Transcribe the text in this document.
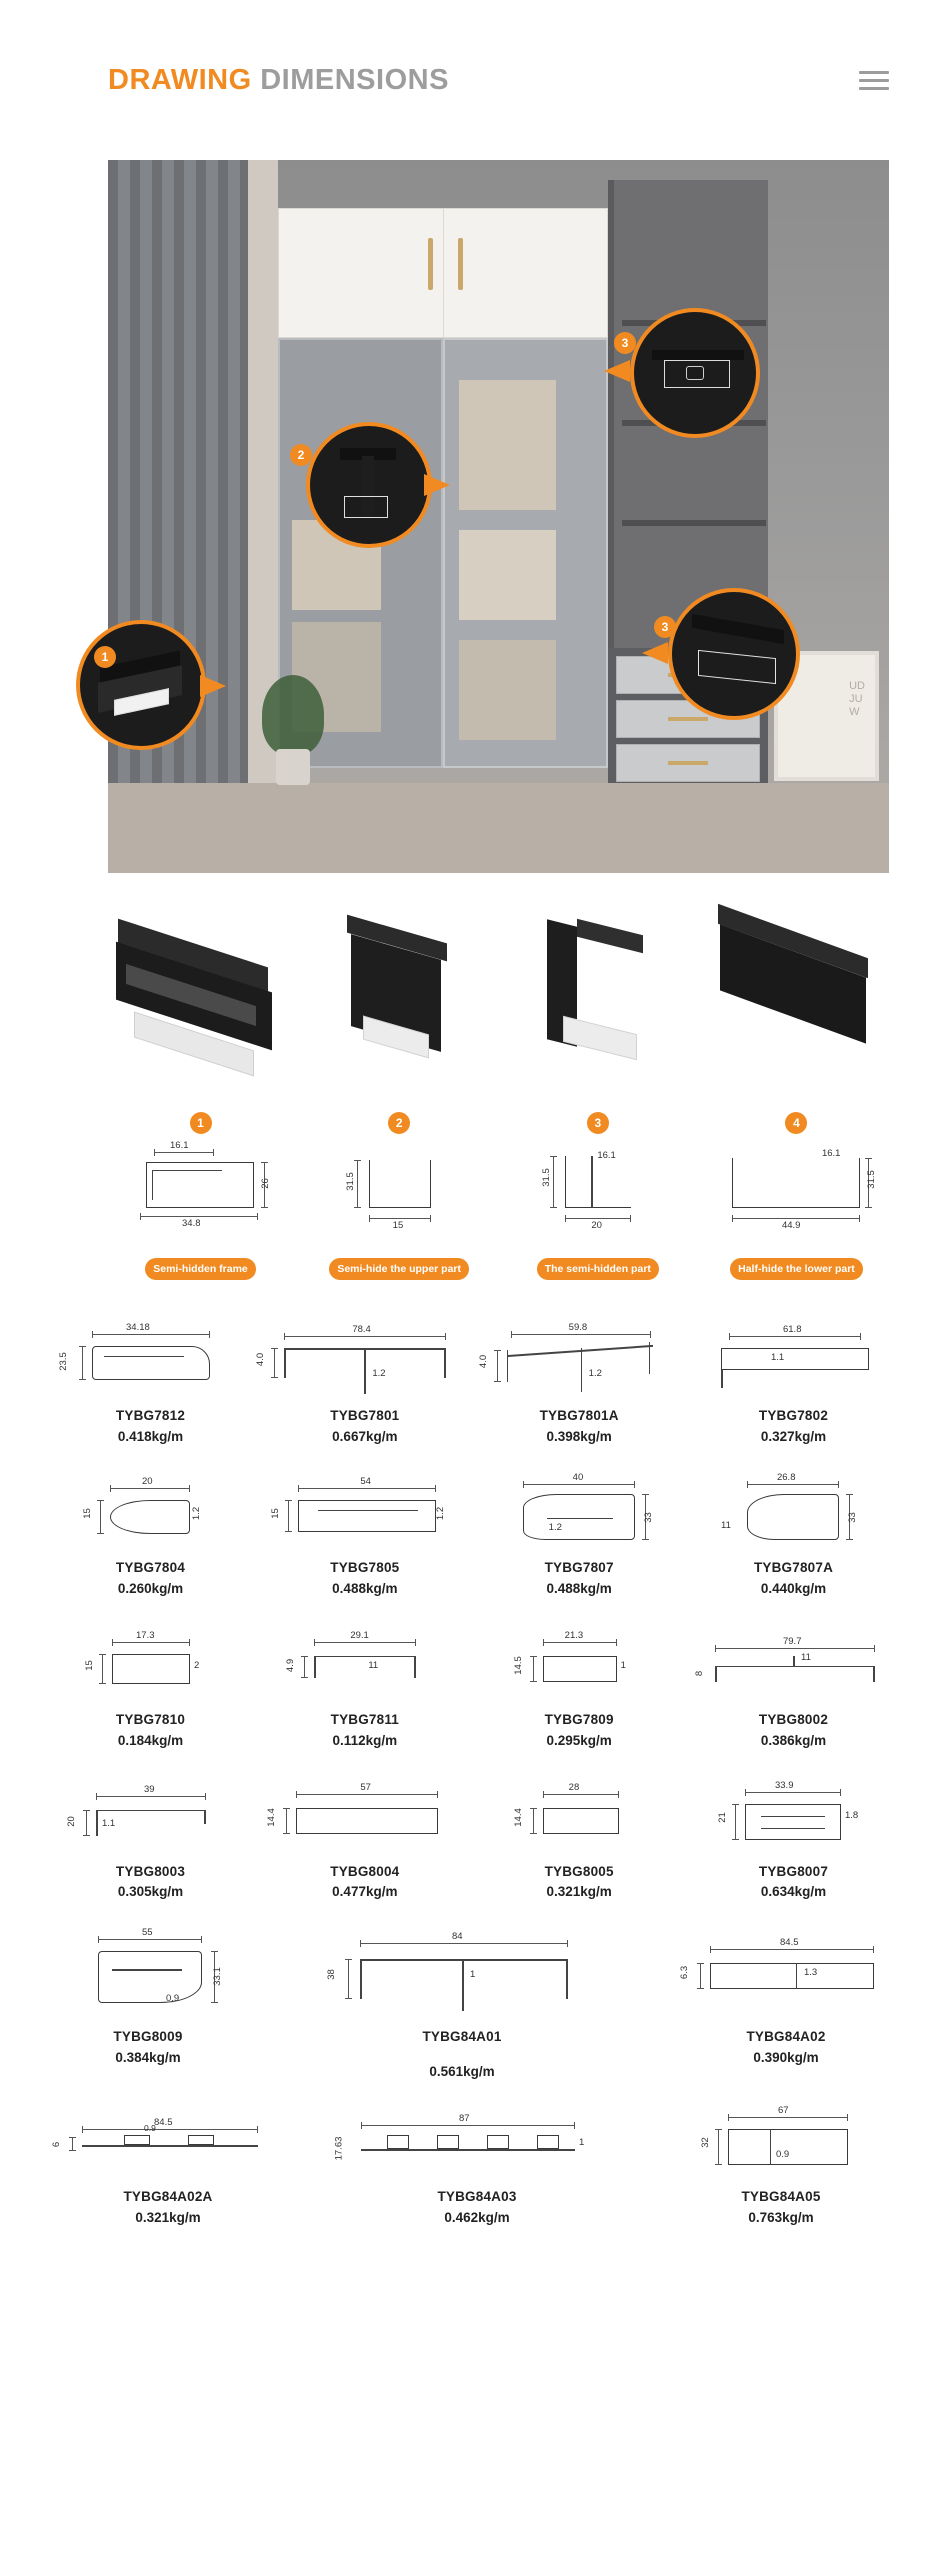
DRAWING DIMENSIONS
UD
JU
W
1
2
3
3
1
16.1
26
34.8
Semi-hidden frame
2
31.5
15
Semi-hide the upper part
3
31.5
16.1
20
The semi-hidden part
4
16.1
31.5
44.9
Half-hide the lower part
34.18
23.5
TYBG7812
0.418kg/m
78.4
4.0
1.2
TYBG7801
0.667kg/m
59.8
4.0
1.2
TYBG7801A
0.398kg/m
61.8
1.1
TYBG7802
0.327kg/m
20
15	1.2
TYBG7804
0.260kg/m
54
15	1.2
TYBG7805
0.488kg/m
40
33
1.2
TYBG7807
0.488kg/m
26.8
33
11
TYBG7807A
0.440kg/m
17.3
15	2
TYBG7810
0.184kg/m
29.1
4.9	11
TYBG7811
0.112kg/m
21.3
14.5	1
TYBG7809
0.295kg/m
79.7
11
8
TYBG8002
0.386kg/m
39
20	1.1
TYBG8003
0.305kg/m
57
14.4
TYBG8004
0.477kg/m
28
14.4
TYBG8005
0.321kg/m
33.9
21	1.8
TYBG8007
0.634kg/m
55
33.1
0.9
TYBG8009
0.384kg/m
84
38	1
TYBG84A01
0.561kg/m
84.5
6.3	1.3
TYBG84A02
0.390kg/m
84.5
0.9
6
TYBG84A02A
0.321kg/m
87
17.63	1
TYBG84A03
0.462kg/m
67
32
0.9
TYBG84A05
0.763kg/m
